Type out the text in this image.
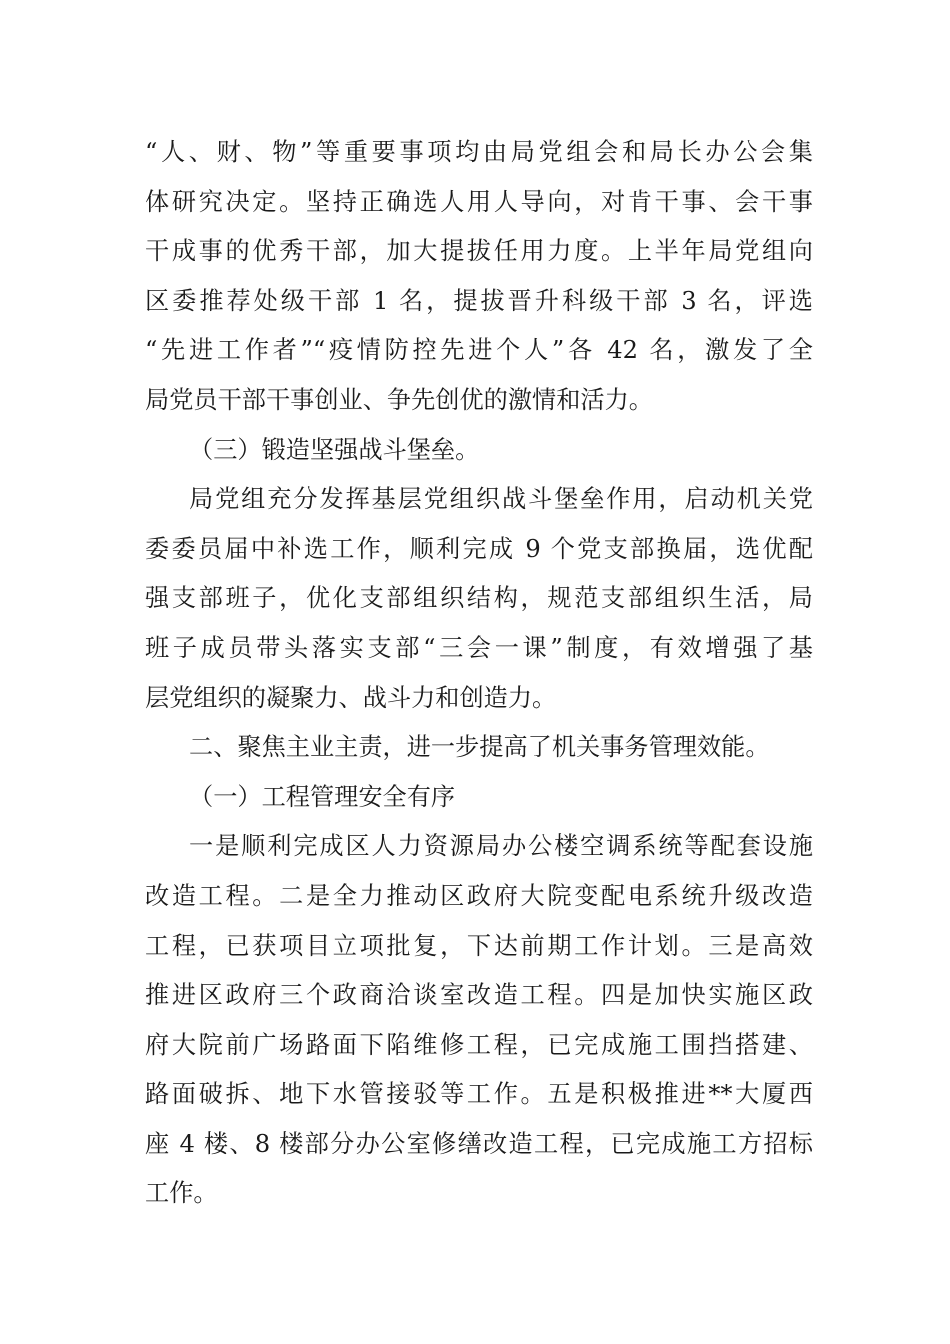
“人、财、物”等重要事项均由局党组会和局长办公会集
体研究决定。坚持正确选人用人导向，对肯干事、会干事
干成事的优秀干部，加大提拔任用力度。上半年局党组向
区委推荐处级干部 1 名，提拔晋升科级干部 3 名，评选
“先进工作者”“疫情防控先进个人”各 42 名，激发了全
局党员干部干事创业、争先创优的激情和活力。
（三）锻造坚强战斗堡垒。
局党组充分发挥基层党组织战斗堡垒作用，启动机关党
委委员届中补选工作，顺利完成 9 个党支部换届，选优配
强支部班子，优化支部组织结构，规范支部组织生活，局
班子成员带头落实支部“三会一课”制度，有效增强了基
层党组织的凝聚力、战斗力和创造力。
二、聚焦主业主责，进一步提高了机关事务管理效能。
（一）工程管理安全有序
一是顺利完成区人力资源局办公楼空调系统等配套设施
改造工程。二是全力推动区政府大院变配电系统升级改造
工程，已获项目立项批复，下达前期工作计划。三是高效
推进区政府三个政商洽谈室改造工程。四是加快实施区政
府大院前广场路面下陷维修工程，已完成施工围挡搭建、
路面破拆、地下水管接驳等工作。五是积极推进**大厦西
座 4 楼、8 楼部分办公室修缮改造工程，已完成施工方招标
工作。
